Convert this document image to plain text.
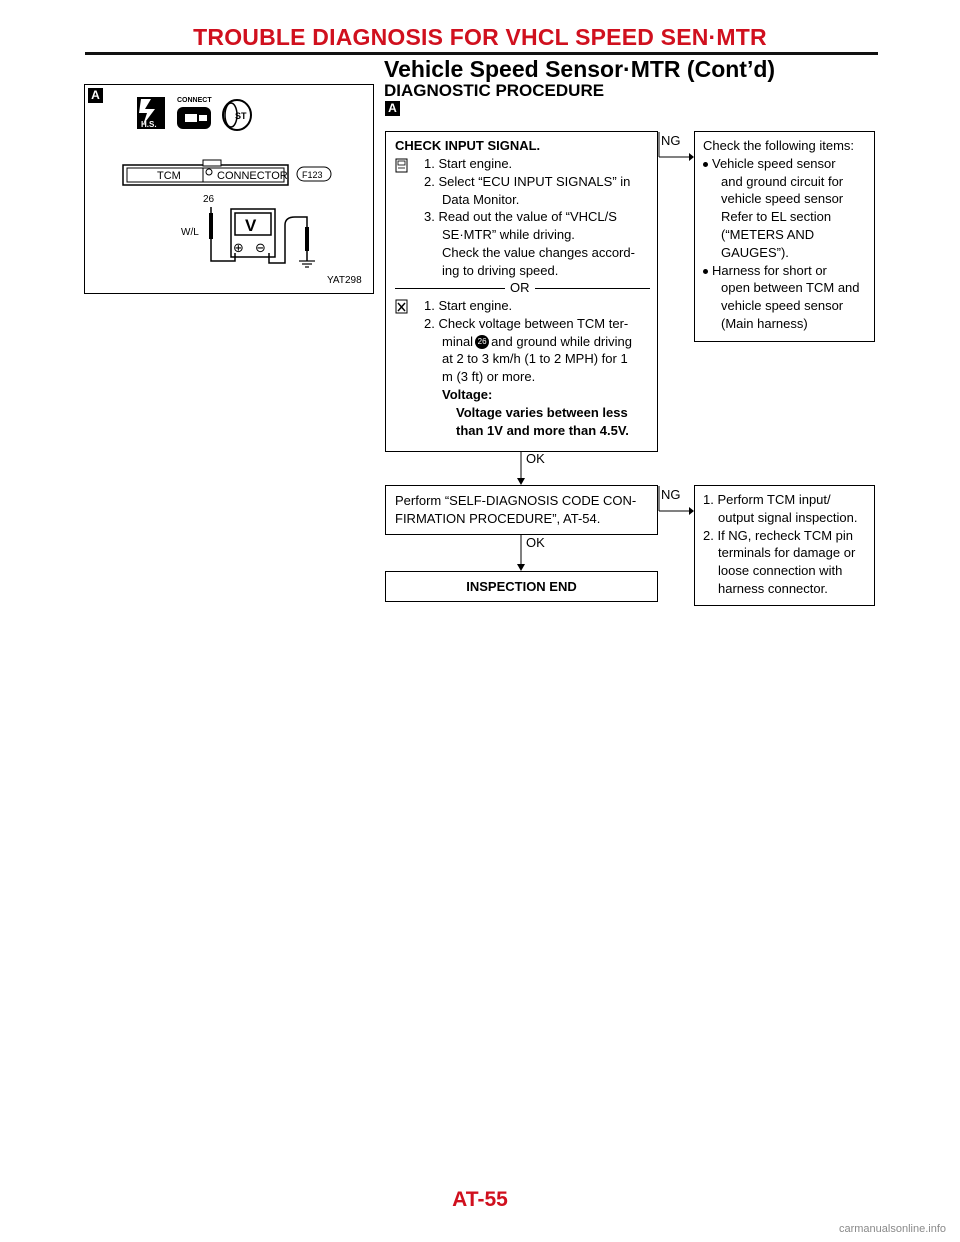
TROUBLE DIAGNOSIS FOR VHCL SPEED SEN·MTR
Vehicle Speed Sensor·MTR (Cont’d)
DIAGNOSTIC PROCEDURE
A
A
H.S.
CONNECT
ST
TCM	CONNECTOR F123
26
W/L	V
⊕ ⊖
YAT298
CHECK INPUT SIGNAL.
1. Start engine.
2. Select “ECU INPUT SIGNALS” in
Data Monitor.
3. Read out the value of “VHCL/S
SE·MTR” while driving.
Check the value changes accord-
ing to driving speed.
OR
1. Start engine.
2. Check voltage between TCM ter-
minal 26 and ground while driving
at 2 to 3 km/h (1 to 2 MPH) for 1
m (3 ft) or more.
Voltage:
Voltage varies between less
than 1V and more than 4.5V.
NG Check the following items:
Vehicle speed sensor
and ground circuit for
vehicle speed sensor
Refer to EL section
(“METERS AND
GAUGES”).
Harness for short or
open between TCM and
vehicle speed sensor
(Main harness)
OK
Perform “SELF-DIAGNOSIS CODE CON-
FIRMATION PROCEDURE”, AT-54.
NG 1. Perform TCM input/
output signal inspection.
2. If NG, recheck TCM pin
terminals for damage or
loose connection with
harness connector.
OK
INSPECTION END
AT-55
carmanualsonline.info
